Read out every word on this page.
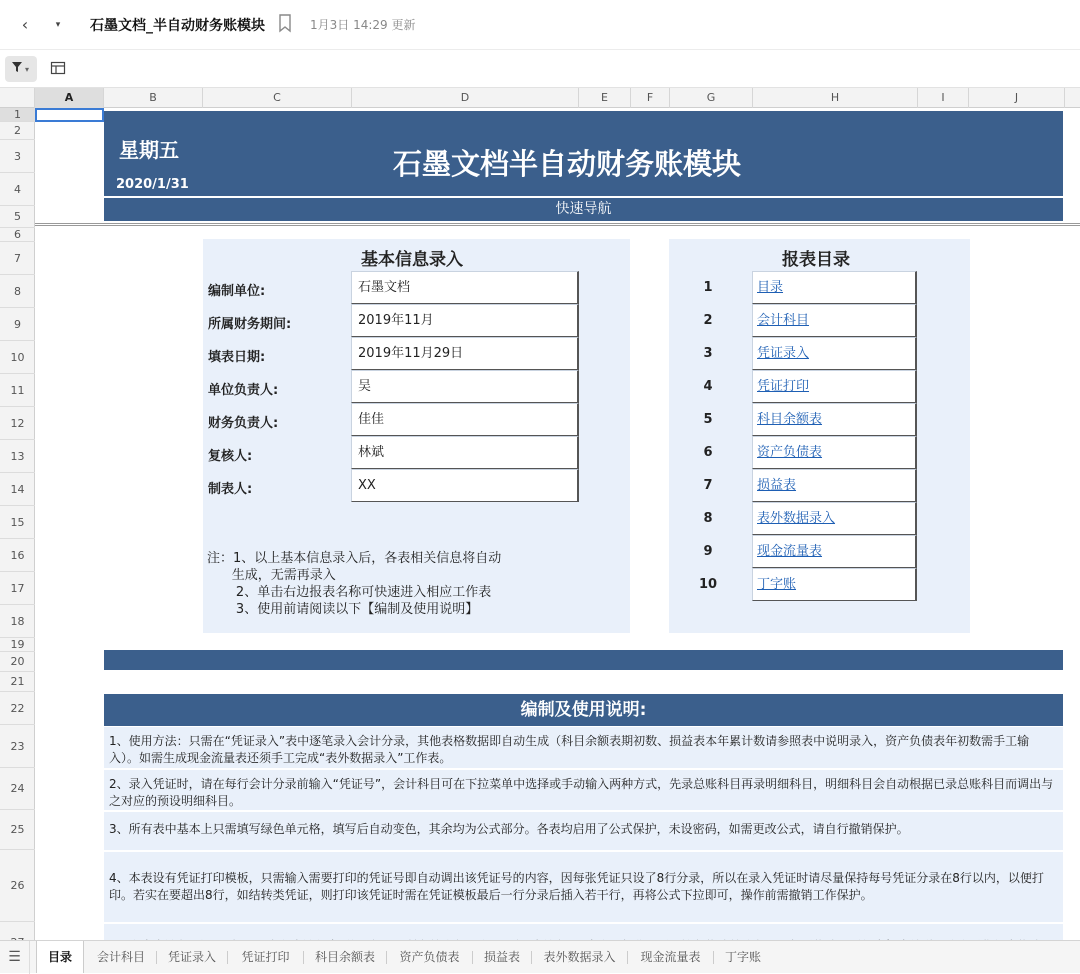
‹	▾	石墨文档_半自动财务账模块	1月3日 14:29 更新
▾
A	B	C	D	E	F	G	H	I	J
1
2
3
4
5
6
7
8
9
10
11
12
13
14
15
16
17
18
19
20
21
22
23
24
25
26
星期五
2020/1/31
石墨文档半自动财务账模块
快速导航
基本信息录入
编制单位:	石墨文档
所属财务期间:	2019年11月
填表日期:	2019年11月29日
单位负责人:	吴
财务负责人:	佳佳
复核人:	林斌
制表人:	XX
注：1、以上基本信息录入后，各表相关信息将自动
生成，无需再录入
2、单击右边报表名称可快速进入相应工作表
3、使用前请阅读以下【编制及使用说明】
报表目录
1	目录
2	会计科目
3	凭证录入
4	凭证打印
5	科目余额表
6	资产负债表
7	损益表
8	表外数据录入
9	现金流量表
10	丁字账
编制及使用说明:
1、使用方法：只需在“凭证录入”表中逐笔录入会计分录，其他表格数据即自动生成（科目余额表期初数、损益表本年累计数请参照表中说明录入，资产负债表年初数需手工输入）。如需生成现金流量表还须手工完成“表外数据录入”工作表。
2、录入凭证时，请在每行会计分录前输入“凭证号”，会计科目可在下拉菜单中选择或手动输入两种方式，先录总账科目再录明细科目，明细科目会自动根据已录总账科目而调出与之对应的预设明细科目。
3、所有表中基本上只需填写绿色单元格，填写后自动变色，其余均为公式部分。各表均启用了公式保护，未设密码，如需更改公式，请自行撤销保护。
4、本表设有凭证打印模板，只需输入需要打印的凭证号即自动调出该凭证号的内容，因每张凭证只设了8行分录，所以在录入凭证时请尽量保持每号凭证分录在8行以内，以便打印。若实在要超出8行，如结转类凭证，则打印该凭证时需在凭证模板最后一行分录后插入若干行，再将公式下拉即可，操作前需撤销工作保护。
☰	目录	会计科目	凭证录入	凭证打印	科目余额表	资产负债表	损益表	表外数据录入	现金流量表	丁字账
